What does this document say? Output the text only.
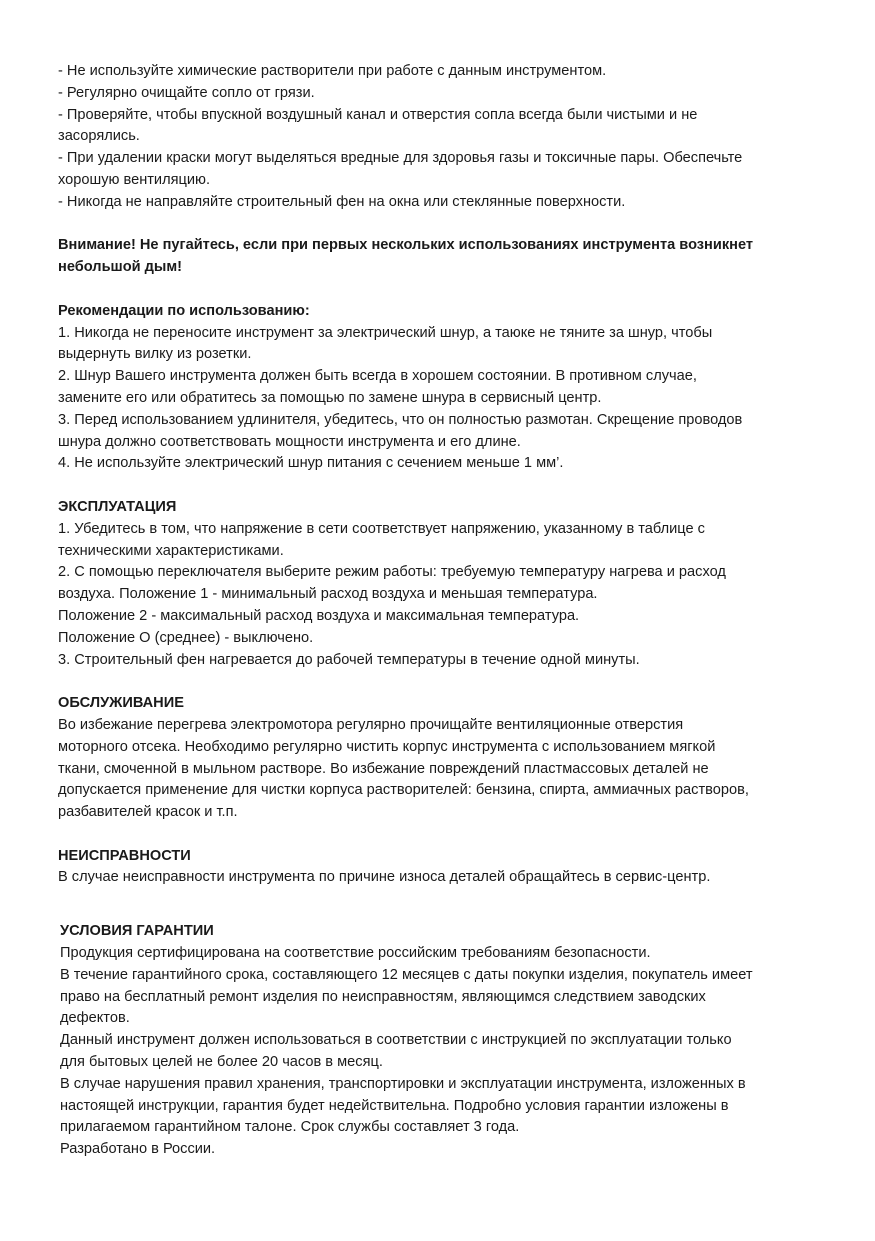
- Не используйте химические растворители при работе с данным инструментом.

- Регулярно очищайте сопло от грязи.

- Проверяйте, чтобы впускной воздушный канал и отверстия сопла всегда были чистыми и не

засорялись.

- При удалении краски могут выделяться вредные для здоровья газы и токсичные пары. Обеспечьте

хорошую вентиляцию.

- Никогда не направляйте строительный фен на окна или стеклянные поверхности.

Внимание! Не пугайтесь, если при первых нескольких использованиях инструмента возникнет

небольшой дым!

Рекомендации по использованию:

1. Никогда не переносите инструмент за электрический шнур, а таюке не тяните за шнур, чтобы

выдернуть вилку из розетки.

2. Шнур Вашего инструмента должен быть всегда в хорошем состоянии. В противном случае,

замените его или обратитесь за помощью по замене шнура в сервисный центр.

3. Перед использованием удлинителя, убедитесь, что он полностью размотан. Скрещение проводов

шнура должно соответствовать мощности инструмента и его длине.

4. Не используйте электрический шнур питания с сечением меньше 1 мм’.

ЭКСПЛУАТАЦИЯ

1. Убедитесь в том, что напряжение в сети соответствует напряжению, указанному в таблице с

техническими характеристиками.

2. С помощью переключателя выберите режим работы: требуемую температуру нагрева и расход

воздуха. Положение 1 - минимальный расход воздуха и меньшая температура.

Положение 2 - максимальный расход воздуха и максимальная температура.

Положение О (среднее) - выключено.

3. Строительный фен нагревается до рабочей температуры в течение одной минуты.

ОБСЛУЖИВАНИЕ

Во избежание перегрева электромотора регулярно прочищайте вентиляционные отверстия

моторного отсека. Необходимо регулярно чистить корпус инструмента с использованием мягкой

ткани, смоченной в мыльном растворе. Во избежание повреждений пластмассовых деталей не

допускается применение для чистки корпуса растворителей: бензина, спирта, аммиачных растворов,

разбавителей красок и т.п.

НЕИСПРАВНОСТИ

В случае неисправности инструмента по причине износа деталей обращайтесь в сервис-центр.

УСЛОВИЯ ГАРАНТИИ

Продукция сертифицирована на соответствие российским требованиям безопасности.

В течение гарантийного срока, составляющего 12 месяцев с даты покупки изделия, покупатель имеет

право на бесплатный ремонт изделия по неисправностям, являющимся следствием заводских

дефектов.

Данный инструмент должен использоваться в соответствии с инструкцией по эксплуатации только

для бытовых целей не более 20 часов в месяц.

В случае нарушения правил хранения, транспортировки и эксплуатации инструмента, изложенных в

настоящей инструкции, гарантия будет недействительна. Подробно условия гарантии изложены в

прилагаемом гарантийном талоне. Срок службы составляет 3 года.

Разработано в России.
